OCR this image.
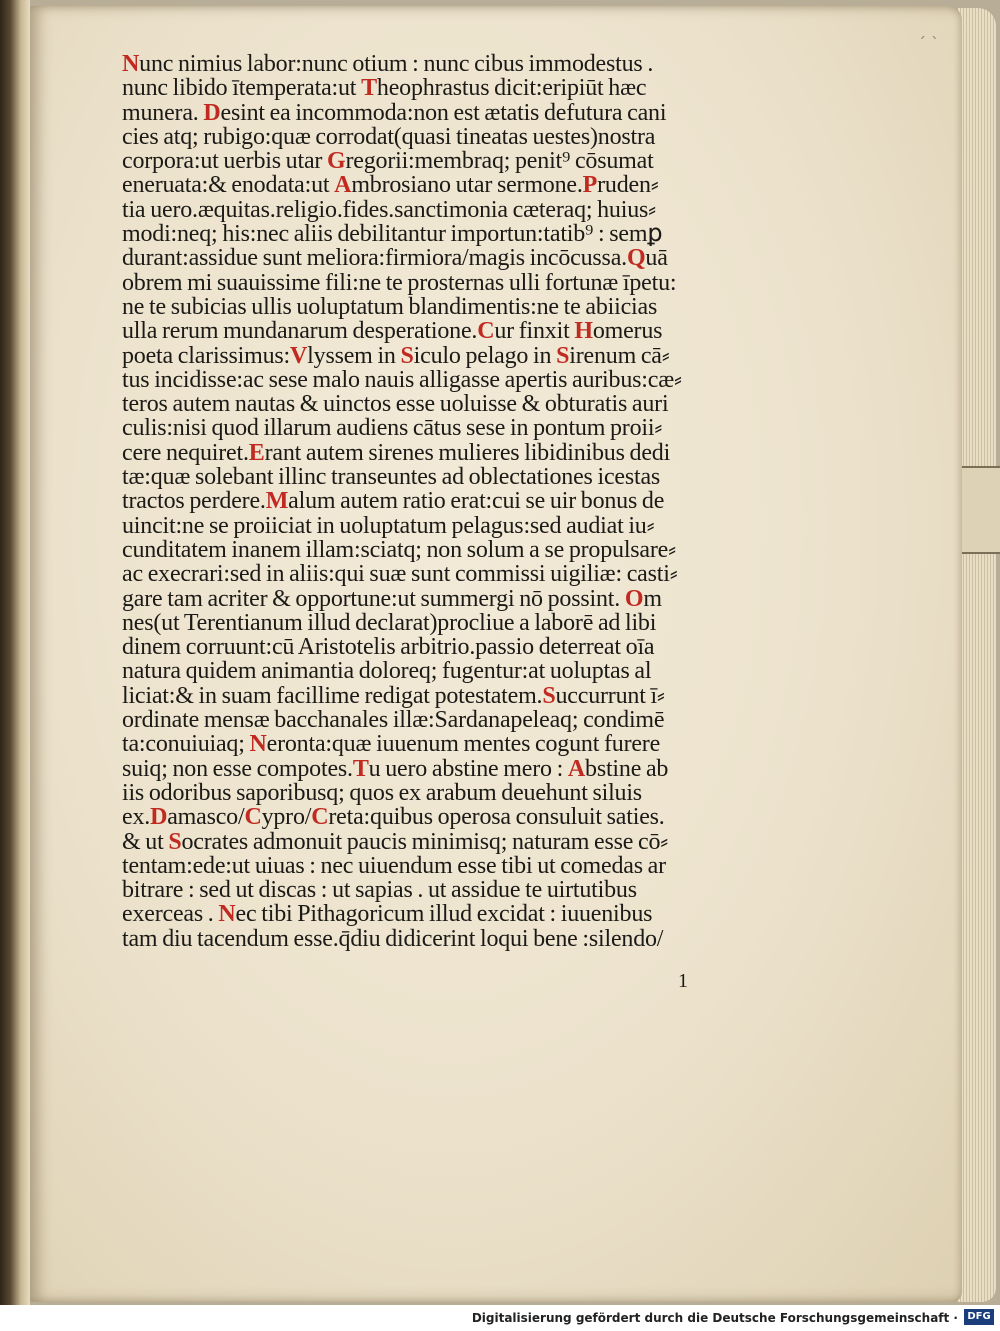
ˊ ˋ
Nunc nimius labor:nunc otium : nunc cibus immodestus .
nunc libido ītemperata:ut Theophrastus dicit:eripiūt hæc
munera. Desint ea incommoda:non est ætatis defutura cani
cies atq; rubigo:quæ corrodat(quasi tineatas uestes)nostra
corpora:ut uerbis utar Gregorii:membraq; penit⁹ cōsumat
eneruata:& enodata:ut Ambrosiano utar sermone.Pruden⸗
tia uero.æquitas.religio.fides.sanctimonia cæteraq; huius⸗
modi:neq; his:nec aliis debilitantur importun:tatib⁹ : semꝑ
durant:assidue sunt meliora:firmiora/magis incōcussa.Quā
obrem mi suauissime fili:ne te prosternas ulli fortunæ īpetu:
ne te subicias ullis uoluptatum blandimentis:ne te abiicias
ulla rerum mundanarum desperatione.Cur finxit Homerus
poeta clarissimus:Vlyssem in Siculo pelago in Sirenum cā⸗
tus incidisse:ac sese malo nauis alligasse apertis auribus:cæ⸗
teros autem nautas & uinctos esse uoluisse & obturatis auri
culis:nisi quod illarum audiens cātus sese in pontum proii⸗
cere nequiret.Erant autem sirenes mulieres libidinibus dedi
tæ:quæ solebant illinc transeuntes ad oblectationes icestas
tractos perdere.Malum autem ratio erat:cui se uir bonus de
uincit:ne se proiiciat in uoluptatum pelagus:sed audiat iu⸗
cunditatem inanem illam:sciatq; non solum a se propulsare⸗
ac execrari:sed in aliis:qui suæ sunt commissi uigiliæ: casti⸗
gare tam acriter & opportune:ut summergi nō possint. Om
nes(ut Terentianum illud declarat)procliue a laborē ad libi
dinem corruunt:cū Aristotelis arbitrio.passio deterreat oīa
natura quidem animantia doloreq; fugentur:at uoluptas al
liciat:& in suam facillime redigat potestatem.Succurrunt ī⸗
ordinate mensæ bacchanales illæ:Sardanapeleaq; condimē
ta:conuiuiaq; Neronta:quæ iuuenum mentes cogunt furere
suiq; non esse compotes.Tu uero abstine mero : Abstine ab
iis odoribus saporibusq; quos ex arabum deuehunt siluis
ex.Damasco/Cypro/Creta:quibus operosa consuluit saties.
& ut Socrates admonuit paucis minimisq; naturam esse cō⸗
tentam:ede:ut uiuas : nec uiuendum esse tibi ut comedas ar
bitrare : sed ut discas : ut sapias . ut assidue te uirtutibus
exerceas . Nec tibi Pithagoricum illud excidat : iuuenibus
tam diu tacendum esse.q̄diu didicerint loqui bene :silendo/
1
Digitalisierung gefördert durch die Deutsche Forschungsgemeinschaft · DFG
